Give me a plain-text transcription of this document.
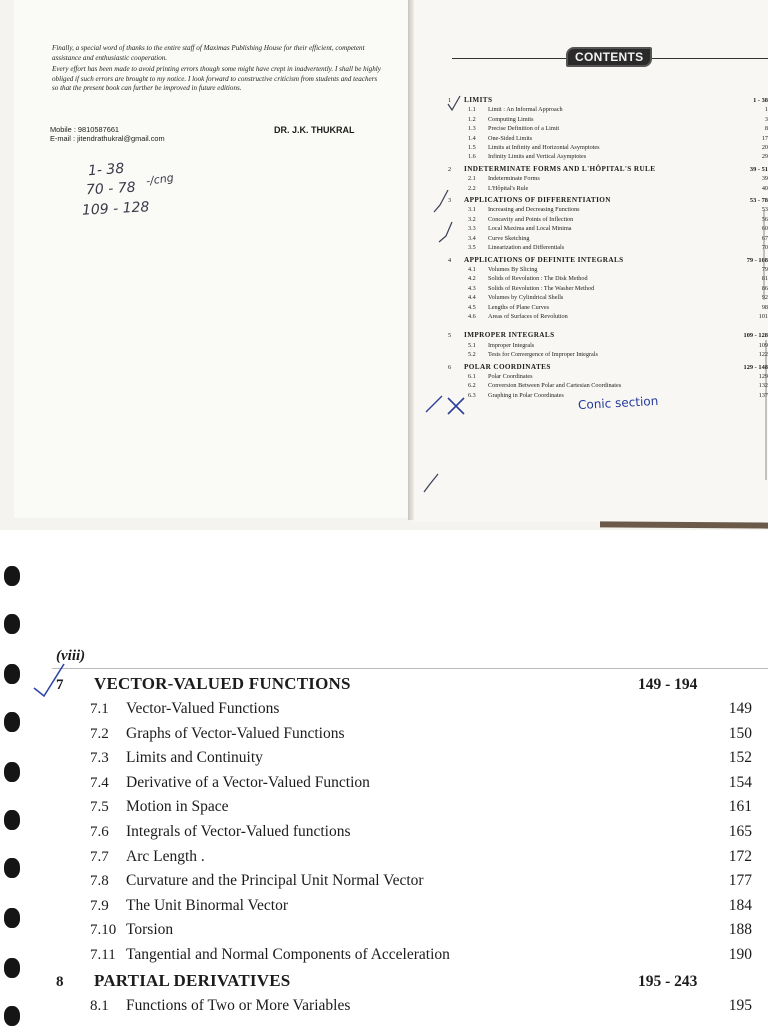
Finally, a special word of thanks to the entire staff of Maximas Publishing House for their efficient, competent assistance and enthusiastic cooperation.

Every effort has been made to avoid printing errors though some might have crept in inadvertently. I shall be highly obliged if such errors are brought to my notice. I look forward to constructive criticism from students and teachers so that the present book can further be improved in future editions.

Mobile : 9810587661
E-mail : jitendrathukral@gmail.com
DR. J.K. THUKRAL
1- 38
70 - 78
109 - 128
-/cng
CONTENTS
1	LIMITS	1 - 38
1.1	Limit : An Informal Approach	1
1.2	Computing Limits	3
1.3	Precise Definition of a Limit	8
1.4	One-Sided Limits	17
1.5	Limits at Infinity and Horizontal Asymptotes	20
1.6	Infinity Limits and Vertical Asymptotes	29
2	INDETERMINATE FORMS AND L'HÔPITAL'S RULE	39 - 51
2.1	Indeterminate Forms	39
2.2	L'Hôpital's Rule	40
3	APPLICATIONS OF DIFFERENTIATION	53 - 78
3.1	Increasing and Decreasing Functions	53
3.2	Concavity and Points of Inflection	56
3.3	Local Maxima and Local Minima	60
3.4	Curve Sketching	67
3.5	Linearization and Differentials	70
4	APPLICATIONS OF DEFINITE INTEGRALS	79 - 108
4.1	Volumes By Slicing	79
4.2	Solids of Revolution : The Disk Method	81
4.3	Solids of Revolution : The Washer Method	86
4.4	Volumes by Cylindrical Shells	92
4.5	Lengths of Plane Curves	98
4.6	Areas of Surfaces of Revolution	101
5	IMPROPER INTEGRALS	109 - 128
5.1	Improper Integrals	109
5.2	Tests for Convergence of Improper Integrals	122
6	POLAR COORDINATES	129 - 148
6.1	Polar Coordinates	129
6.2	Conversion Between Polar and Cartesian Coordinates	132
6.3	Graphing in Polar Coordinates	137
Conic section
(viii)
7	VECTOR-VALUED FUNCTIONS	149 - 194
7.1	Vector-Valued Functions	149
7.2	Graphs of Vector-Valued Functions	150
7.3	Limits and Continuity	152
7.4	Derivative of a Vector-Valued Function	154
7.5	Motion in Space	161
7.6	Integrals of Vector-Valued functions	165
7.7	Arc Length .	172
7.8	Curvature and the Principal Unit Normal Vector	177
7.9	The Unit Binormal Vector	184
7.10 Torsion	188
7.11 Tangential and Normal Components of Acceleration	190
8	PARTIAL DERIVATIVES	195 - 243
8.1	Functions of Two or More Variables	195
